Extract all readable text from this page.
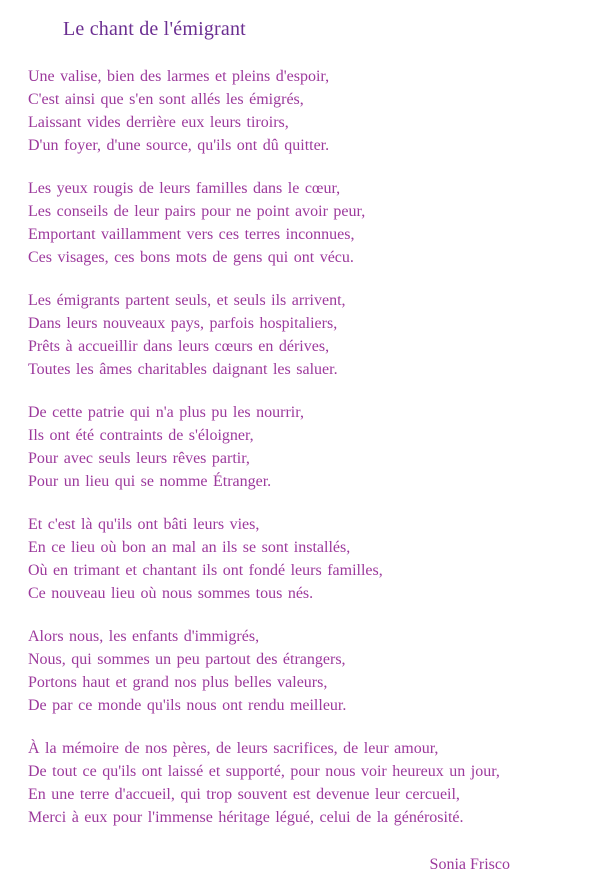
Le chant de l'émigrant
Une valise, bien des larmes et pleins d'espoir,
C'est ainsi que s'en sont allés les émigrés,
Laissant vides derrière eux leurs tiroirs,
D'un foyer, d'une source, qu'ils ont dû quitter.
Les yeux rougis de leurs familles dans le cœur,
Les conseils de leur pairs pour ne point avoir peur,
Emportant vaillamment vers ces terres inconnues,
Ces visages, ces bons mots de gens qui ont vécu.
Les émigrants partent seuls, et seuls ils arrivent,
Dans leurs nouveaux pays, parfois hospitaliers,
Prêts à accueillir dans leurs cœurs en dérives,
Toutes les âmes charitables daignant les saluer.
De cette patrie qui n'a plus pu les nourrir,
Ils ont été contraints de s'éloigner,
Pour avec seuls leurs rêves partir,
Pour un lieu qui se nomme Étranger.
Et c'est là qu'ils ont bâti leurs vies,
En ce lieu où bon an mal an ils se sont installés,
Où en trimant et chantant ils ont fondé leurs familles,
Ce nouveau lieu où nous sommes tous nés.
Alors nous, les enfants d'immigrés,
Nous, qui sommes un peu partout des étrangers,
Portons haut et grand nos plus belles valeurs,
De par ce monde qu'ils nous ont rendu meilleur.
À la mémoire de nos pères, de leurs sacrifices, de leur amour,
De tout ce qu'ils ont laissé et supporté, pour nous voir heureux un jour,
En une terre d'accueil, qui trop souvent est devenue leur cercueil,
Merci à eux pour l'immense héritage légué, celui de la générosité.
Sonia Frisco
